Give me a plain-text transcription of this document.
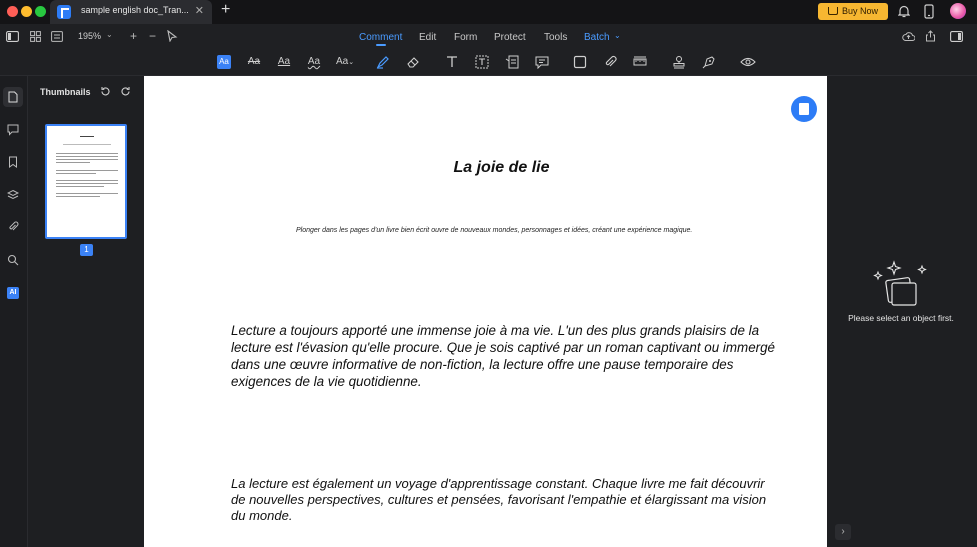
sample english doc_Tran... ✕ +	Buy Now
195% ⌄ + −	Comment Edit Form Protect Tools Batch ⌄
Aa Aa Aa Aa Aa⌄
AI
Thumbnails
1
La joie de lie
Plonger dans les pages d'un livre bien écrit ouvre de nouveaux mondes, personnages et idées, créant une expérience magique.
Lecture a toujours apporté une immense joie à ma vie. L'un des plus grands plaisirs de la lecture est l'évasion qu'elle procure. Que je sois captivé par un roman captivant ou immergé dans une œuvre informative de non-fiction, la lecture offre une pause temporaire des exigences de la vie quotidienne.
La lecture est également un voyage d'apprentissage constant. Chaque livre me fait découvrir de nouvelles perspectives, cultures et pensées, favorisant l'empathie et élargissant ma vision du monde.
Please select an object first.
›
